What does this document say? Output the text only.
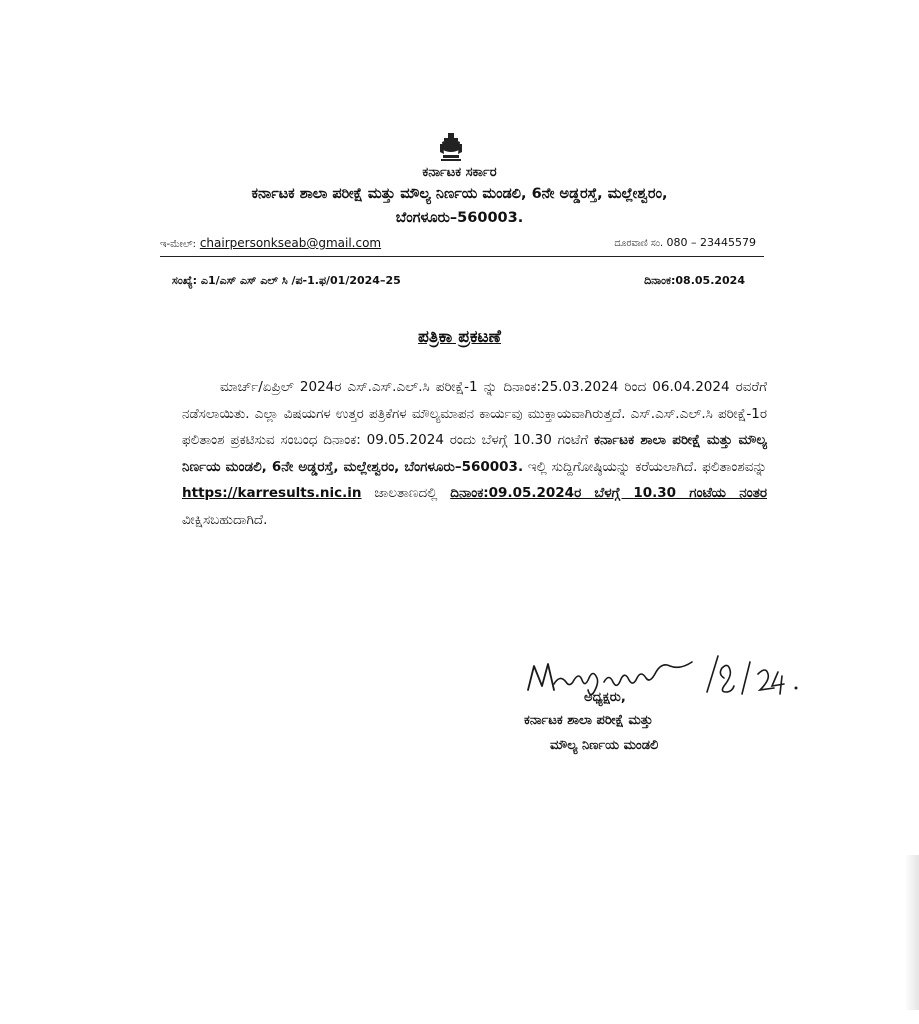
ಕರ್ನಾಟಕ ಸರ್ಕಾರ
ಕರ್ನಾಟಕ ಶಾಲಾ ಪರೀಕ್ಷೆ ಮತ್ತು ಮೌಲ್ಯ ನಿರ್ಣಯ ಮಂಡಲಿ, 6ನೇ ಅಡ್ಡರಸ್ತೆ, ಮಲ್ಲೇಶ್ವರಂ,
ಬೆಂಗಳೂರು–560003.
ಇ-ಮೇಲ್: chairpersonkseab@gmail.com	ದೂರವಾಣಿ ಸಂ. 080 – 23445579
ಸಂಖ್ಯೆ: ಎ1/ಎಸ್ ಎಸ್ ಎಲ್ ಸಿ /ಪ-1.ಫ/01/2024–25	ದಿನಾಂಕ:08.05.2024
ಪತ್ರಿಕಾ ಪ್ರಕಟಣೆ
ಮಾರ್ಚ್/ಏಪ್ರಿಲ್ 2024ರ ಎಸ್.ಎಸ್.ಎಲ್.ಸಿ ಪರೀಕ್ಷೆ-1 ನ್ನು ದಿನಾಂಕ:25.03.2024 ರಿಂದ 06.04.2024 ರವರೆಗೆ ನಡೆಸಲಾಯಿತು. ಎಲ್ಲಾ ವಿಷಯಗಳ ಉತ್ತರ ಪತ್ರಿಕೆಗಳ ಮೌಲ್ಯಮಾಪನ ಕಾರ್ಯವು ಮುಕ್ತಾಯವಾಗಿರುತ್ತದೆ. ಎಸ್.ಎಸ್.ಎಲ್.ಸಿ ಪರೀಕ್ಷೆ-1ರ ಫಲಿತಾಂಶ ಪ್ರಕಟಿಸುವ ಸಂಬಂಧ ದಿನಾಂಕ: 09.05.2024 ರಂದು ಬೆಳಗ್ಗೆ 10.30 ಗಂಟೆಗೆ ಕರ್ನಾಟಕ ಶಾಲಾ ಪರೀಕ್ಷೆ ಮತ್ತು ಮೌಲ್ಯ ನಿರ್ಣಯ ಮಂಡಲಿ, 6ನೇ ಅಡ್ಡರಸ್ತೆ, ಮಲ್ಲೇಶ್ವರಂ, ಬೆಂಗಳೂರು–560003. ಇಲ್ಲಿ ಸುದ್ದಿಗೋಷ್ಠಿಯನ್ನು ಕರೆಯಲಾಗಿದೆ. ಫಲಿತಾಂಶವನ್ನು https://karresults.nic.in ಜಾಲತಾಣದಲ್ಲಿ ದಿನಾಂಕ:09.05.2024ರ ಬೆಳಗ್ಗೆ 10.30 ಗಂಟೆಯ ನಂತರ ವೀಕ್ಷಿಸಬಹುದಾಗಿದೆ.
ಅಧ್ಯಕ್ಷರು,
ಕರ್ನಾಟಕ ಶಾಲಾ ಪರೀಕ್ಷೆ ಮತ್ತು
ಮೌಲ್ಯ ನಿರ್ಣಯ ಮಂಡಲಿ
